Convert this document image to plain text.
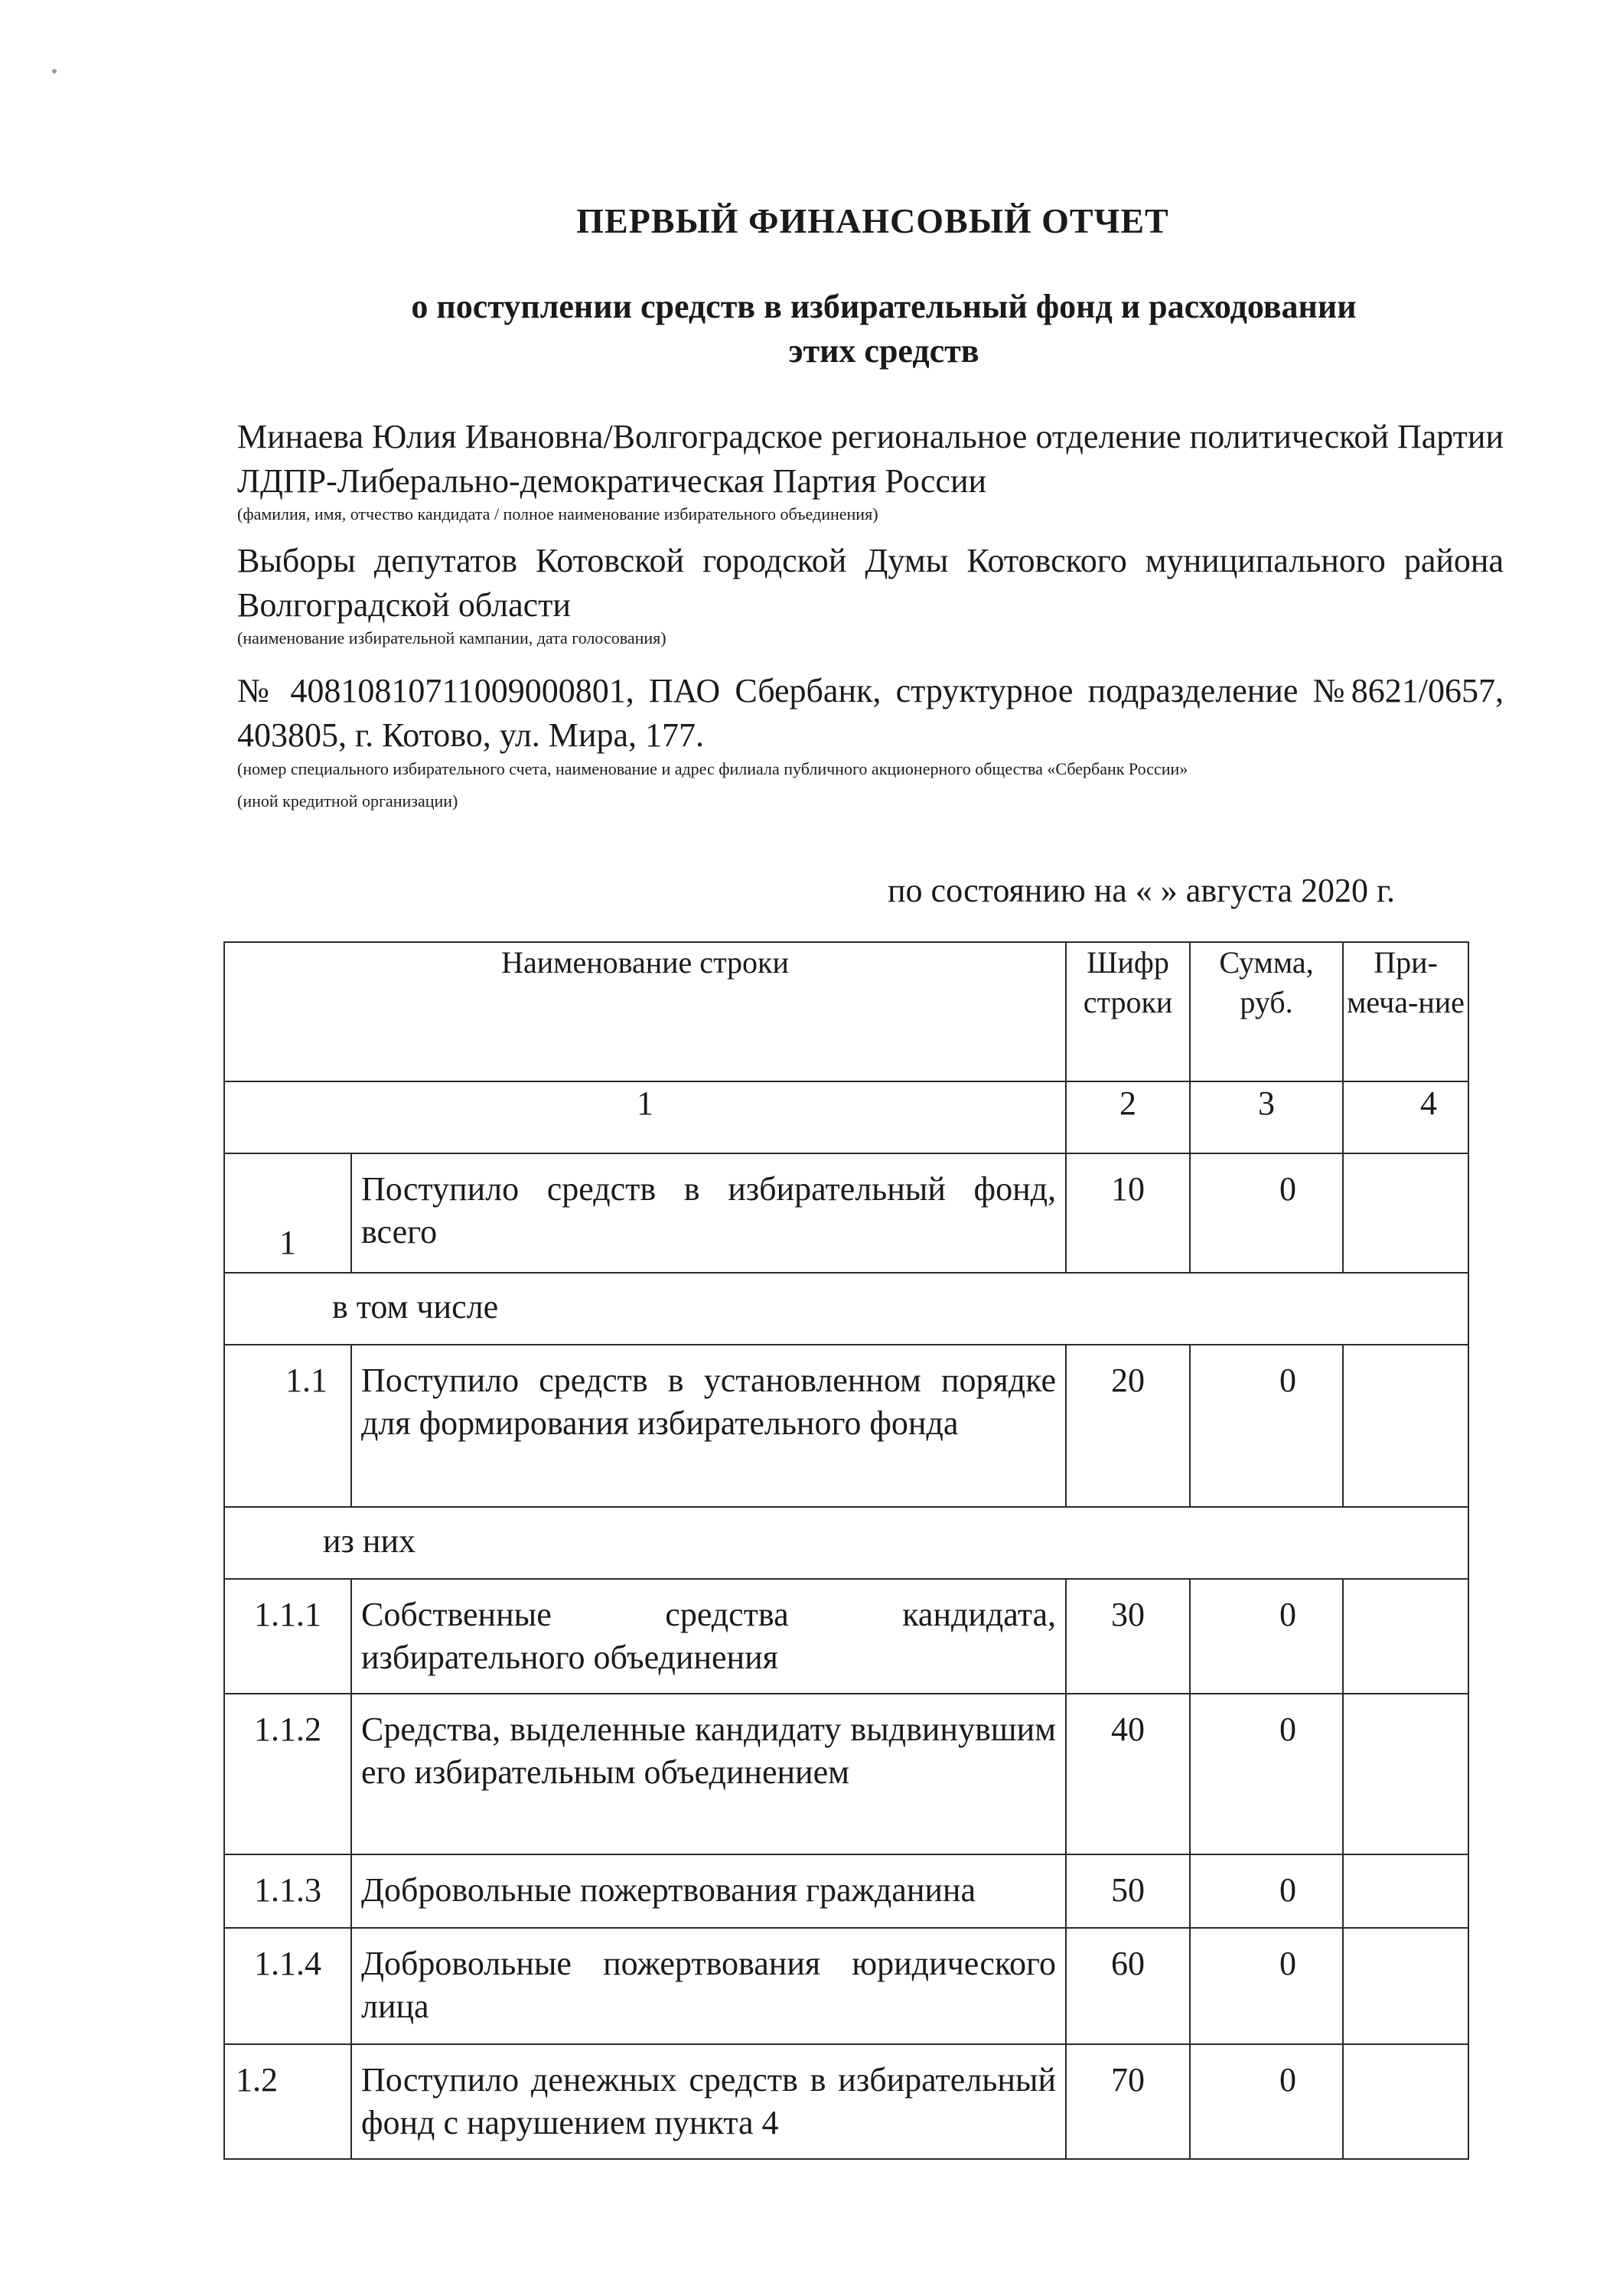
ПЕРВЫЙ ФИНАНСОВЫЙ ОТЧЕТ
о поступлении средств в избирательный фонд и расходовании
этих средств
Минаева Юлия Ивановна/Волгоградское региональное отделение политической Партии ЛДПР-Либерально-демократическая Партия России
(фамилия, имя, отчество кандидата / полное наименование избирательного объединения)
Выборы депутатов Котовской городской Думы Котовского муниципального района Волгоградской области
(наименование избирательной кампании, дата голосования)
№ 40810810711009000801, ПАО Сбербанк, структурное подразделение №8621/0657, 403805, г. Котово, ул. Мира, 177.
(номер специального избирательного счета, наименование и адрес филиала публичного акционерного общества «Сбербанк России»
(иной кредитной организации)
по состоянию на « » августа 2020 г.
Наименование строки		Шифр строки	Сумма, руб.	При-меча-ние
1		2	3	4
1	Поступило средств в избирательный фонд, всего	10	0	
в том числе				
1.1	Поступило средств в установленном порядке для формирования избирательного фонда	20	0	
из них				
1.1.1	Собственные средства кандидата, избирательного объединения	30	0	
1.1.2	Средства, выделенные кандидату выдвинувшим его избирательным объединением	40	0	
1.1.3	Добровольные пожертвования гражданина	50	0	
1.1.4	Добровольные пожертвования юридического лица	60	0	
1.2	Поступило денежных средств в избирательный фонд с нарушением пункта 4	70	0	
